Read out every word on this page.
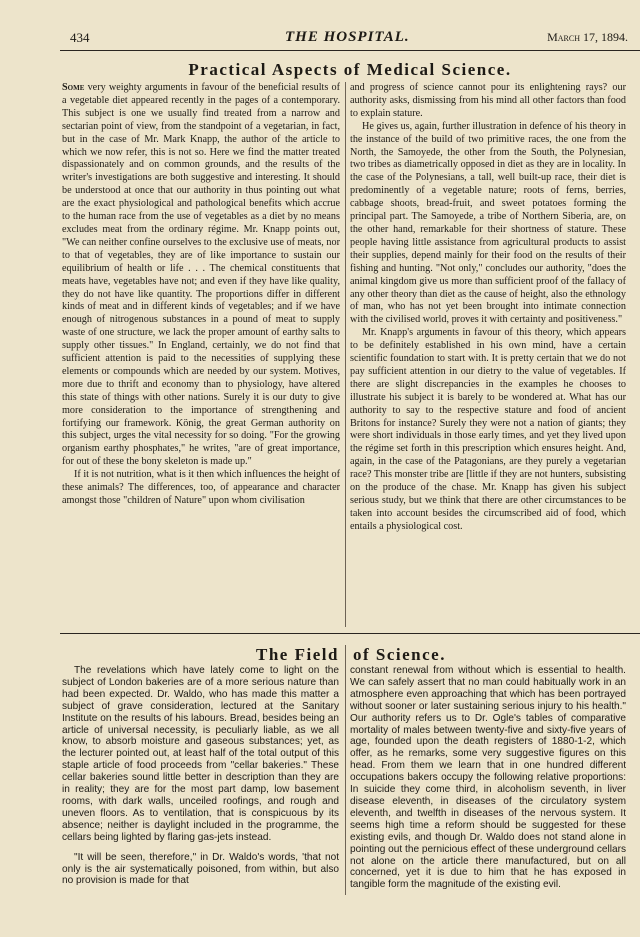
434	THE HOSPITAL.	March 17, 1894.
Practical Aspects of Medical Science.

Some very weighty arguments in favour of the beneficial results of a vegetable diet appeared recently in the pages of a contemporary. This subject is one we usually find treated from a narrow and sectarian point of view, from the standpoint of a vegetarian, in fact, but in the case of Mr. Mark Knapp, the author of the article to which we now refer, this is not so. Here we find the matter treated dispassionately and on common grounds, and the results of the writer's investigations are both suggestive and interesting. It should be understood at once that our authority in thus pointing out what are the exact physiological and pathological benefits which accrue to the human race from the use of vegetables as a diet by no means excludes meat from the ordinary régime. Mr. Knapp points out, "We can neither confine ourselves to the exclusive use of meats, nor to that of vegetables, they are of like importance to sustain our equilibrium of health or life . . . The chemical constituents that meats have, vegetables have not; and even if they have like quality, they do not have like quantity. The proportions differ in different kinds of meat and in different kinds of vegetables; and if we have enough of nitrogenous substances in a pound of meat to supply waste of one structure, we lack the proper amount of earthy salts to supply other tissues." In England, certainly, we do not find that sufficient attention is paid to the necessities of supplying these elements or compounds which are needed by our system. Motives, more due to thrift and economy than to physiology, have altered this state of things with other nations. Surely it is our duty to give more consideration to the importance of strengthening and fortifying our framework. König, the great German authority on this subject, urges the vital necessity for so doing. "For the growing organism earthy phosphates," he writes, "are of great importance, for out of these the bony skeleton is made up."

If it is not nutrition, what is it then which influences the height of these animals? The differences, too, of appearance and character amongst those "children of Nature" upon whom civilisation

and progress of science cannot pour its enlightening rays? our authority asks, dismissing from his mind all other factors than food to explain stature.

He gives us, again, further illustration in defence of his theory in the instance of the build of two primitive races, the one from the North, the Samoyede, the other from the South, the Polynesian, two tribes as diametrically opposed in diet as they are in locality. In the case of the Polynesians, a tall, well built-up race, their diet is predominently of a vegetable nature; roots of ferns, berries, cabbage shoots, bread-fruit, and sweet potatoes forming the principal part. The Samoyede, a tribe of Northern Siberia, are, on the other hand, remarkable for their shortness of stature. These people having little assistance from agricultural products to assist their supplies, depend mainly for their food on the results of their fishing and hunting. "Not only," concludes our authority, "does the animal kingdom give us more than sufficient proof of the fallacy of any other theory than diet as the cause of height, also the ethnology of man, who has not yet been brought into intimate connection with the civilised world, proves it with certainty and positiveness."

Mr. Knapp's arguments in favour of this theory, which appears to be definitely established in his own mind, have a certain scientific foundation to start with. It is pretty certain that we do not pay sufficient attention in our dietry to the value of vegetables. If there are slight discrepancies in the examples he chooses to illustrate his subject it is barely to be wondered at. What has our authority to say to the respective stature and food of ancient Britons for instance? Surely they were not a nation of giants; they were short individuals in those early times, and yet they lived upon the régime set forth in this prescription which ensures height. And, again, in the case of the Patagonians, are they purely a vegetarian race? This monster tribe are [little if they are not hunters, subsisting on the produce of the chase. Mr. Knapp has given his subject serious study, but we think that there are other circumstances to be taken into account besides the circumscribed aid of food, which entails a physiological cost.

The Field of Science.

The revelations which have lately come to light on the subject of London bakeries are of a more serious nature than had been expected. Dr. Waldo, who has made this matter a subject of grave consideration, lectured at the Sanitary Institute on the results of his labours. Bread, besides being an article of universal necessity, is peculiarly liable, as we all know, to absorb moisture and gaseous substances; yet, as the lecturer pointed out, at least half of the total output of this staple article of food proceeds from "cellar bakeries." These cellar bakeries sound little better in description than they are in reality; they are for the most part damp, low basement rooms, with dark walls, unceiled roofings, and rough and uneven floors. As to ventilation, that is conspicuous by its absence; neither is daylight included in the programme, the cellars being lighted by flaring gas-jets instead.

"It will be seen, therefore," in Dr. Waldo's words, 'that not only is the air systematically poisoned, from within, but also no provision is made for that

constant renewal from without which is essential to health. We can safely assert that no man could habitually work in an atmosphere even approaching that which has been portrayed without sooner or later sustaining serious injury to his health." Our authority refers us to Dr. Ogle's tables of comparative mortality of males between twenty-five and sixty-five years of age, founded upon the death registers of 1880-1-2, which offer, as he remarks, some very suggestive figures on this head. From them we learn that in one hundred different occupations bakers occupy the following relative proportions: In suicide they come third, in alcoholism seventh, in liver disease eleventh, in diseases of the circulatory system eleventh, and twelfth in diseases of the nervous system. It seems high time a reform should be suggested for these existing evils, and though Dr. Waldo does not stand alone in pointing out the pernicious effect of these underground cellars not alone on the article there manufactured, but on all concerned, yet it is due to him that he has exposed in tangible form the magnitude of the existing evil.
